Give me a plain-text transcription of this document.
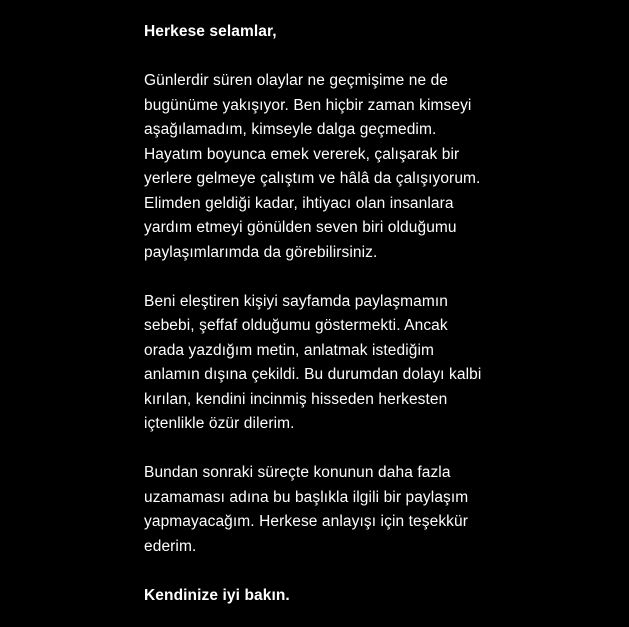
Herkese selamlar,
Günlerdir süren olaylar ne geçmişime ne de
bugünüme yakışıyor. Ben hiçbir zaman kimseyi
aşağılamadım, kimseyle dalga geçmedim.
Hayatım boyunca emek vererek, çalışarak bir
yerlere gelmeye çalıştım ve hâlâ da çalışıyorum.
Elimden geldiği kadar, ihtiyacı olan insanlara
yardım etmeyi gönülden seven biri olduğumu
paylaşımlarımda da görebilirsiniz.
Beni eleştiren kişiyi sayfamda paylaşmamın
sebebi, şeffaf olduğumu göstermekti. Ancak
orada yazdığım metin, anlatmak istediğim
anlamın dışına çekildi. Bu durumdan dolayı kalbi
kırılan, kendini incinmiş hisseden herkesten
içtenlikle özür dilerim.
Bundan sonraki süreçte konunun daha fazla
uzamaması adına bu başlıkla ilgili bir paylaşım
yapmayacağım. Herkese anlayışı için teşekkür
ederim.
Kendinize iyi bakın.
